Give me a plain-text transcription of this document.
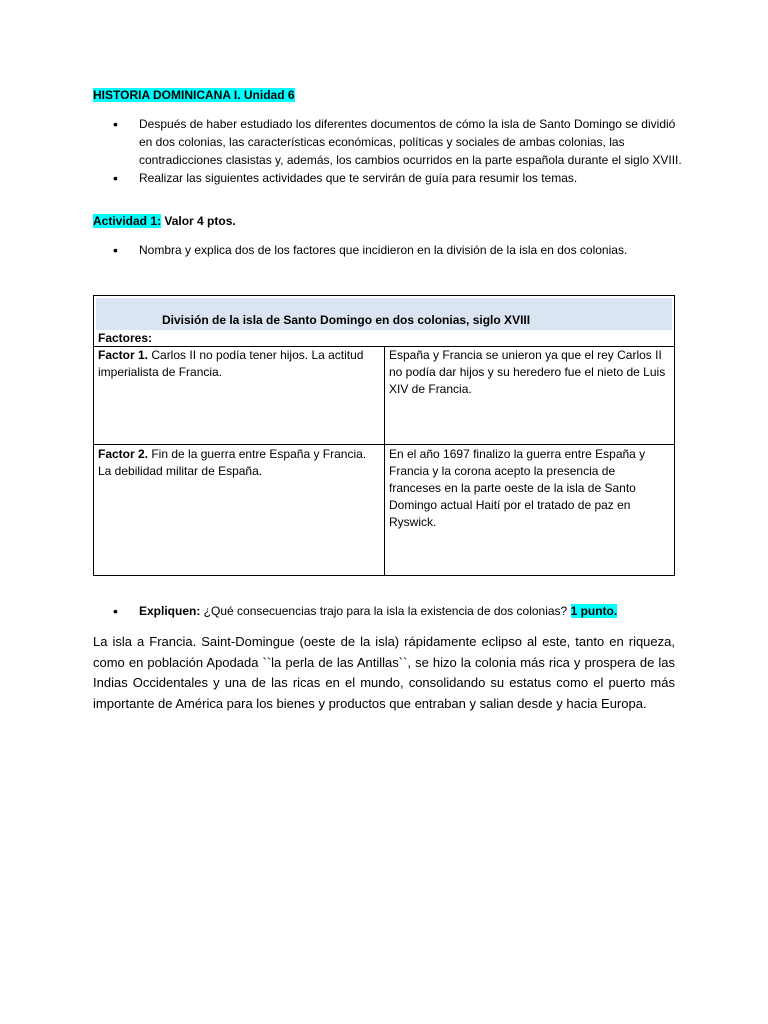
HISTORIA DOMINICANA I. Unidad 6
• Después de haber estudiado los diferentes documentos de cómo la isla de Santo Domingo se dividió en dos colonias, las características económicas, políticas y sociales de ambas colonias, las contradicciones clasistas y, además, los cambios ocurridos en la parte española durante el siglo XVIII.
• Realizar las siguientes actividades que te servirán de guía para resumir los temas.
Actividad 1: Valor 4 ptos.
• Nombra y explica dos de los factores que incidieron en la división de la isla en dos colonias.
División de la isla de Santo Domingo en dos colonias, siglo XVIII
Factores:
Factor 1. Carlos II no podía tener hijos. La actitud imperialista de Francia.
España y Francia se unieron ya que el rey Carlos II no podía dar hijos y su heredero fue el nieto de Luis XIV de Francia.
Factor 2. Fin de la guerra entre España y Francia. La debilidad militar de España.
En el año 1697 finalizo la guerra entre España y Francia y la corona acepto la presencia de franceses en la parte oeste de la isla de Santo Domingo actual Haití por el tratado de paz en Ryswick.
• Expliquen: ¿Qué consecuencias trajo para la isla la existencia de dos colonias? 1 punto.
La isla a Francia. Saint-Domingue (oeste de la isla) rápidamente eclipso al este, tanto en riqueza, como en población Apodada ``la perla de las Antillas``, se hizo la colonia más rica y prospera de las Indias Occidentales y una de las ricas en el mundo, consolidando su estatus como el puerto más importante de América para los bienes y productos que entraban y salian desde y hacia Europa.
